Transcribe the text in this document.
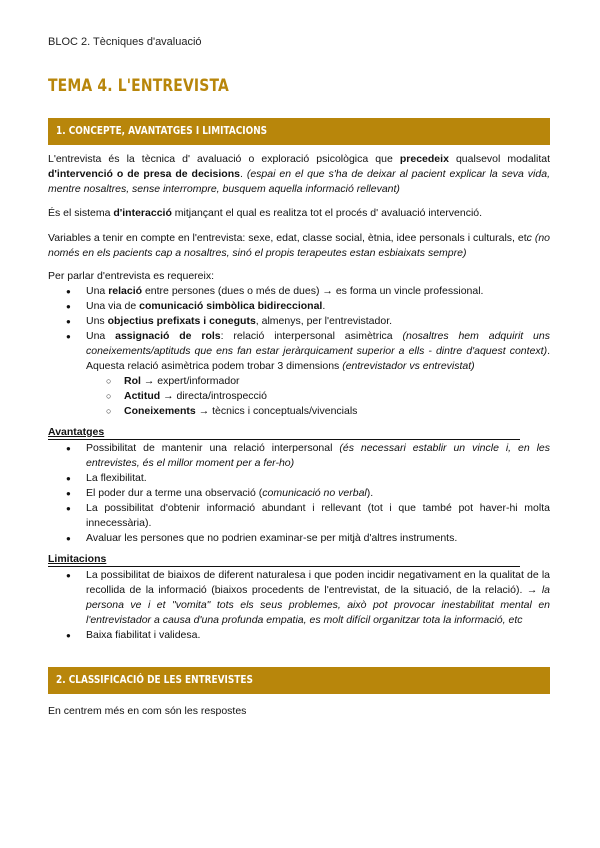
BLOC 2. Tècniques d'avaluació
TEMA 4. L'ENTREVISTA
1. CONCEPTE, AVANTATGES I LIMITACIONS
L'entrevista és la tècnica d' avaluació o exploració psicològica que precedeix qualsevol modalitat d'intervenció o de presa de decisions. (espai en el que s'ha de deixar al pacient explicar la seva vida, mentre nosaltres, sense interrompre, busquem aquella informació rellevant)
És el sistema d'interacció mitjançant el qual es realitza tot el procés d' avaluació intervenció.
Variables a tenir en compte en l'entrevista: sexe, edat, classe social, ètnia, idee personals i culturals, etc (no només en els pacients cap a nosaltres, sinó el propis terapeutes estan esbiaixats sempre)
Per parlar d'entrevista es requereix:
● Una relació entre persones (dues o més de dues) → es forma un vincle professional.
● Una via de comunicació simbòlica bidireccional.
● Uns objectius prefixats i coneguts, almenys, per l'entrevistador.
● Una assignació de rols: relació interpersonal asimètrica (nosaltres hem adquirit uns coneixements/aptituds que ens fan estar jeràrquicament superior a ells - dintre d'aquest context). Aquesta relació asimètrica podem trobar 3 dimensions (entrevistador vs entrevistat)
○ Rol → expert/informador
○ Actitud → directa/introspecció
○ Coneixements → tècnics i conceptuals/vivencials
Avantatges
● Possibilitat de mantenir una relació interpersonal (és necessari establir un vincle i, en les entrevistes, és el millor moment per a fer-ho)
● La flexibilitat.
● El poder dur a terme una observació (comunicació no verbal).
● La possibilitat d'obtenir informació abundant i rellevant (tot i que també pot haver-hi molta innecessària).
● Avaluar les persones que no podrien examinar-se per mitjà d'altres instruments.
Limitacions
● La possibilitat de biaixos de diferent naturalesa i que poden incidir negativament en la qualitat de la recollida de la informació (biaixos procedents de l'entrevistat, de la situació, de la relació). → la persona ve i et "vomita" tots els seus problemes, això pot provocar inestabilitat mental en l'entrevistador a causa d'una profunda empatia, es molt difícil organitzar tota la informació, etc
● Baixa fiabilitat i validesa.
2. CLASSIFICACIÓ DE LES ENTREVISTES
En centrem més en com són les respostes
